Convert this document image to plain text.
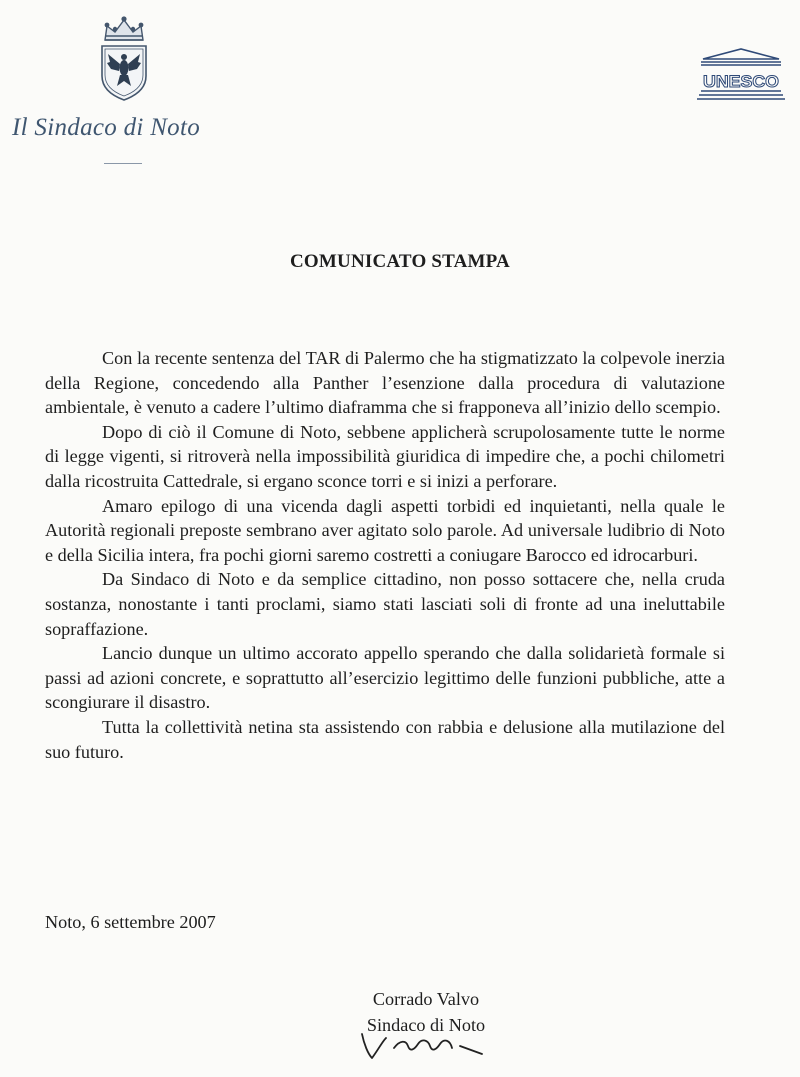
Il Sindaco di Noto
UNESCO
COMUNICATO STAMPA

Con la recente sentenza del TAR di Palermo che ha stigmatizzato la colpevole inerzia della Regione, concedendo alla Panther l’esenzione dalla procedura di valutazione ambientale, è venuto a cadere l’ultimo diaframma che si frapponeva all’inizio dello scempio.

Dopo di ciò il Comune di Noto, sebbene applicherà scrupolosamente tutte le norme di legge vigenti, si ritroverà nella impossibilità giuridica di impedire che, a pochi chilometri dalla ricostruita Cattedrale, si ergano sconce torri e si inizi a perforare.

Amaro epilogo di una vicenda dagli aspetti torbidi ed inquietanti, nella quale le Autorità regionali preposte sembrano aver agitato solo parole. Ad universale ludibrio di Noto e della Sicilia intera, fra pochi giorni saremo costretti a coniugare Barocco ed idrocarburi.

Da Sindaco di Noto e da semplice cittadino, non posso sottacere che, nella cruda sostanza, nonostante i tanti proclami, siamo stati lasciati soli di fronte ad una ineluttabile sopraffazione.

Lancio dunque un ultimo accorato appello sperando che dalla solidarietà formale si passi ad azioni concrete, e soprattutto all’esercizio legittimo delle funzioni pubbliche, atte a scongiurare il disastro.

Tutta la collettività netina sta assistendo con rabbia e delusione alla mutilazione del suo futuro.

Noto, 6 settembre 2007
Corrado Valvo
Sindaco di Noto
